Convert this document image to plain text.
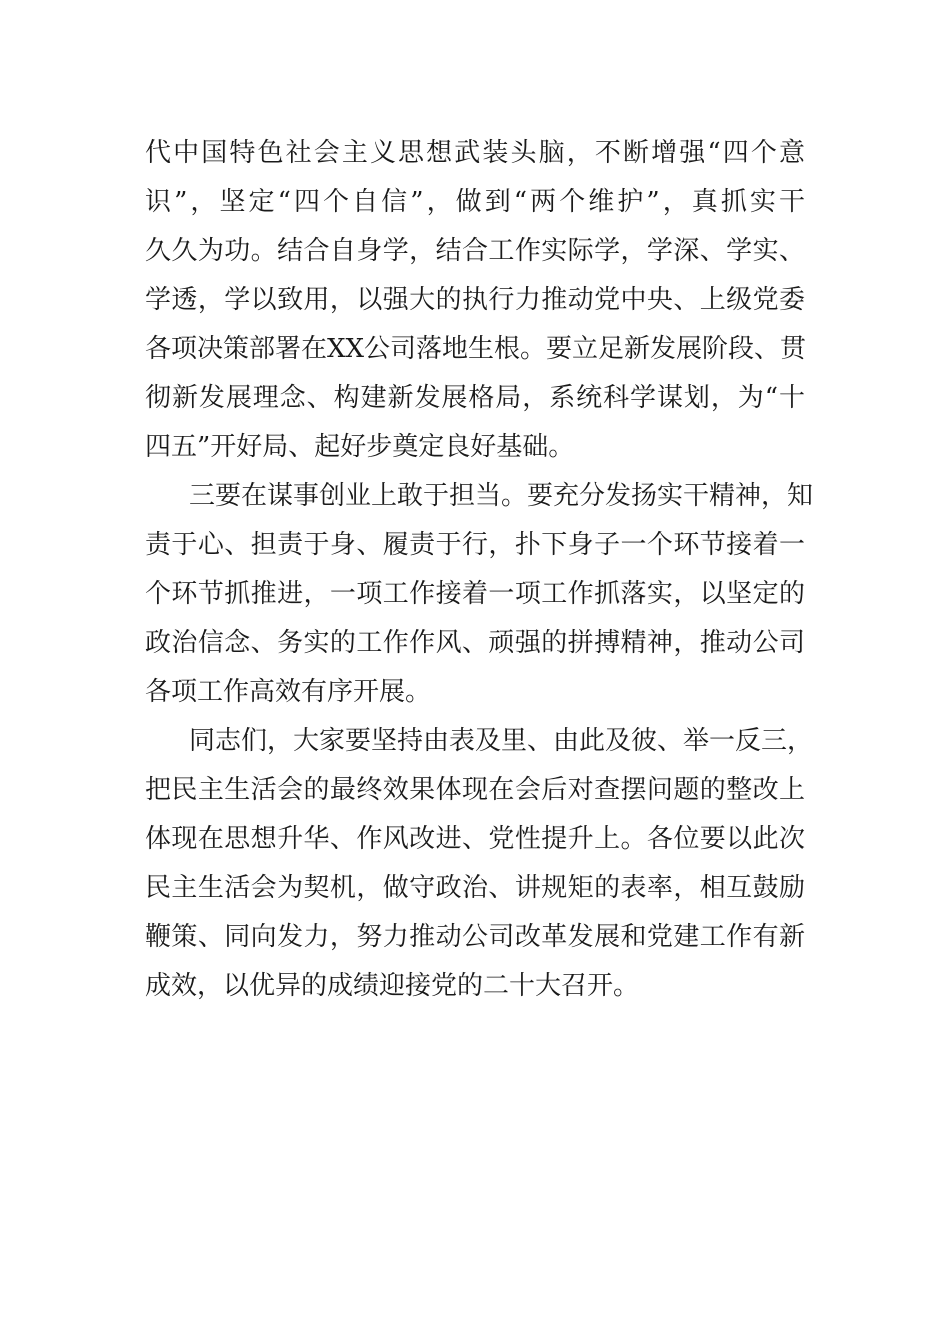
代中国特色社会主义思想武装头脑，不断增强“四个意
识”，坚定“四个自信”，做到“两个维护”，真抓实干
久久为功。结合自身学，结合工作实际学，学深、学实、
学透，学以致用，以强大的执行力推动党中央、上级党委
各项决策部署在XX公司落地生根。要立足新发展阶段、贯
彻新发展理念、构建新发展格局，系统科学谋划，为“十
四五”开好局、起好步奠定良好基础。
三要在谋事创业上敢于担当。要充分发扬实干精神，知
责于心、担责于身、履责于行，扑下身子一个环节接着一
个环节抓推进，一项工作接着一项工作抓落实，以坚定的
政治信念、务实的工作作风、顽强的拼搏精神，推动公司
各项工作高效有序开展。
同志们，大家要坚持由表及里、由此及彼、举一反三，
把民主生活会的最终效果体现在会后对查摆问题的整改上
体现在思想升华、作风改进、党性提升上。各位要以此次
民主生活会为契机，做守政治、讲规矩的表率，相互鼓励
鞭策、同向发力，努力推动公司改革发展和党建工作有新
成效，以优异的成绩迎接党的二十大召开。
